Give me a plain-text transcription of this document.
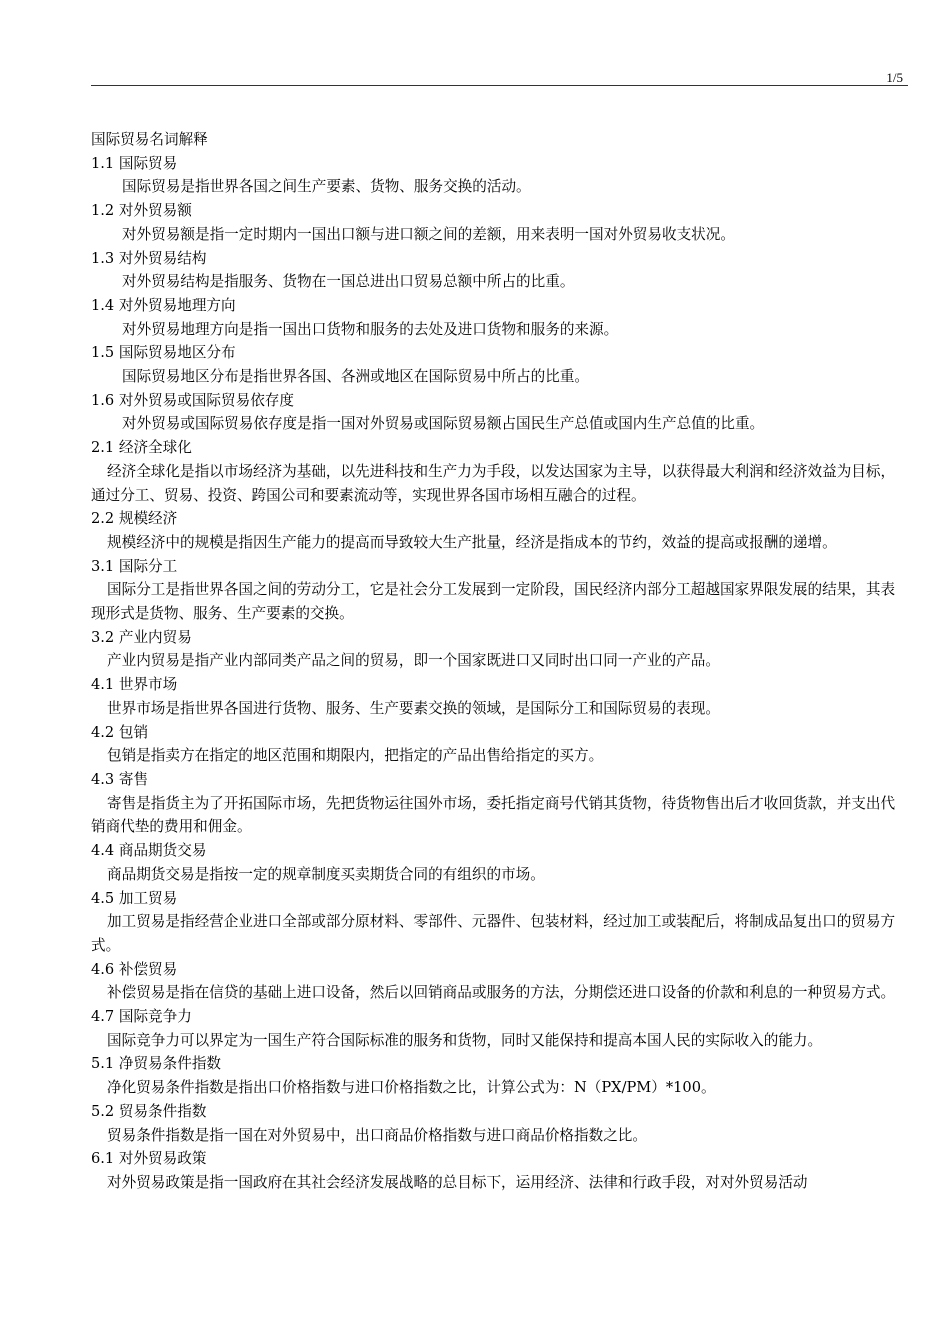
1/5

国际贸易名词解释

1.1 国际贸易

国际贸易是指世界各国之间生产要素、货物、服务交换的活动。

1.2 对外贸易额

对外贸易额是指一定时期内一国出口额与进口额之间的差额，用来表明一国对外贸易收支状况。

1.3 对外贸易结构

对外贸易结构是指服务、货物在一国总进出口贸易总额中所占的比重。

1.4 对外贸易地理方向

对外贸易地理方向是指一国出口货物和服务的去处及进口货物和服务的来源。

1.5 国际贸易地区分布

国际贸易地区分布是指世界各国、各洲或地区在国际贸易中所占的比重。

1.6 对外贸易或国际贸易依存度

对外贸易或国际贸易依存度是指一国对外贸易或国际贸易额占国民生产总值或国内生产总值的比重。

2.1 经济全球化

经济全球化是指以市场经济为基础，以先进科技和生产力为手段，以发达国家为主导，以获得最大利润和经济效益为目标，通过分工、贸易、投资、跨国公司和要素流动等，实现世界各国市场相互融合的过程。

2.2 规模经济

规模经济中的规模是指因生产能力的提高而导致较大生产批量，经济是指成本的节约，效益的提高或报酬的递增。

3.1 国际分工

国际分工是指世界各国之间的劳动分工，它是社会分工发展到一定阶段，国民经济内部分工超越国家界限发展的结果，其表现形式是货物、服务、生产要素的交换。

3.2 产业内贸易

产业内贸易是指产业内部同类产品之间的贸易，即一个国家既进口又同时出口同一产业的产品。

4.1 世界市场

世界市场是指世界各国进行货物、服务、生产要素交换的领域，是国际分工和国际贸易的表现。

4.2 包销

包销是指卖方在指定的地区范围和期限内，把指定的产品出售给指定的买方。

4.3 寄售

寄售是指货主为了开拓国际市场，先把货物运往国外市场，委托指定商号代销其货物，待货物售出后才收回货款，并支出代销商代垫的费用和佣金。

4.4 商品期货交易

商品期货交易是指按一定的规章制度买卖期货合同的有组织的市场。

4.5 加工贸易

加工贸易是指经营企业进口全部或部分原材料、零部件、元器件、包装材料，经过加工或装配后，将制成品复出口的贸易方式。

4.6 补偿贸易

补偿贸易是指在信贷的基础上进口设备，然后以回销商品或服务的方法，分期偿还进口设备的价款和利息的一种贸易方式。

4.7 国际竞争力

国际竞争力可以界定为一国生产符合国际标准的服务和货物，同时又能保持和提高本国人民的实际收入的能力。

5.1 净贸易条件指数

净化贸易条件指数是指出口价格指数与进口价格指数之比，计算公式为：N（PX/PM）*100。

5.2 贸易条件指数

贸易条件指数是指一国在对外贸易中，出口商品价格指数与进口商品价格指数之比。

6.1 对外贸易政策

对外贸易政策是指一国政府在其社会经济发展战略的总目标下，运用经济、法律和行政手段，对对外贸易活动
